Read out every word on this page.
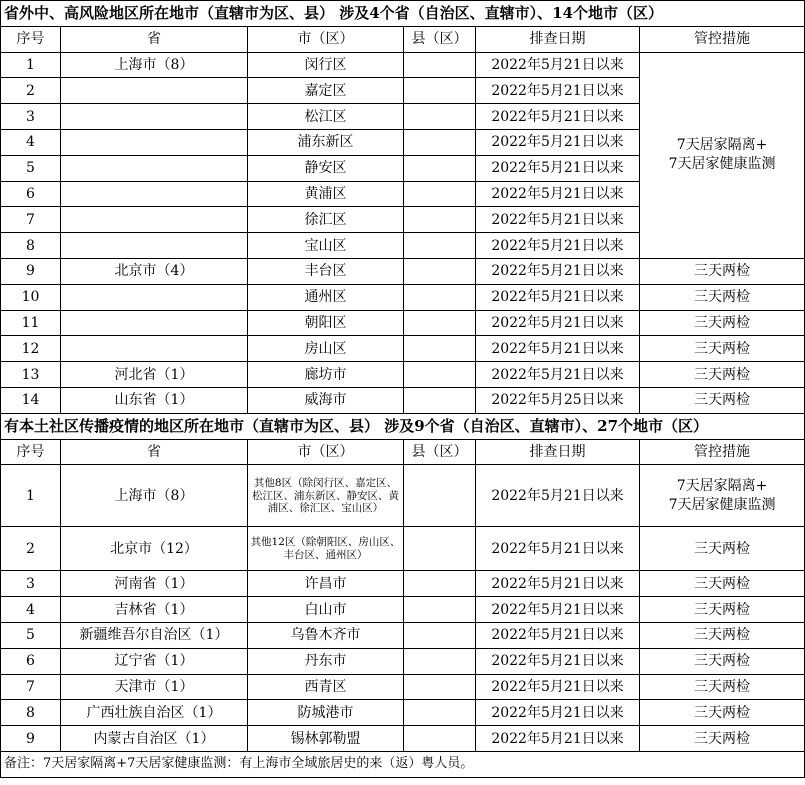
省外中、高风险地区所在地市（直辖市为区、县） 涉及4个省（自治区、直辖市）、14个地市（区）					
序号	省	市（区）	县（区）	排查日期	管控措施
1	上海市（8）	闵行区		2022年5月21日以来	7天居家隔离+
7天居家健康监测

2		嘉定区		2022年5月21日以来	
3		松江区		2022年5月21日以来	
4		浦东新区		2022年5月21日以来	
5		静安区		2022年5月21日以来	
6		黄浦区		2022年5月21日以来	
7		徐汇区		2022年5月21日以来	
8		宝山区		2022年5月21日以来	
9	北京市（4）	丰台区		2022年5月21日以来	三天两检
10		通州区		2022年5月21日以来	三天两检
11		朝阳区		2022年5月21日以来	三天两检
12		房山区		2022年5月21日以来	三天两检
13	河北省（1）	廊坊市		2022年5月21日以来	三天两检
14	山东省（1）	威海市		2022年5月25日以来	三天两检
有本土社区传播疫情的地区所在地市（直辖市为区、县） 涉及9个省（自治区、直辖市）、27个地市（区）					
序号	省	市（区）	县（区）	排查日期	管控措施
1	上海市（8）	其他8区（除闵行区、嘉定区、松江区、浦东新区、静安区、黄浦区、徐汇区、宝山区）		2022年5月21日以来	7天居家隔离+
7天居家健康监测

2	北京市（12）	其他12区（除朝阳区、房山区、丰台区、通州区）		2022年5月21日以来	三天两检
3	河南省（1）	许昌市		2022年5月21日以来	三天两检
4	吉林省（1）	白山市		2022年5月21日以来	三天两检
5	新疆维吾尔自治区（1）	乌鲁木齐市		2022年5月21日以来	三天两检
6	辽宁省（1）	丹东市		2022年5月21日以来	三天两检
7	天津市（1）	西青区		2022年5月21日以来	三天两检
8	广西壮族自治区（1）	防城港市		2022年5月21日以来	三天两检
9	内蒙古自治区（1）	锡林郭勒盟		2022年5月21日以来	三天两检
备注：7天居家隔离+7天居家健康监测：有上海市全域旅居史的来（返）粤人员。					
